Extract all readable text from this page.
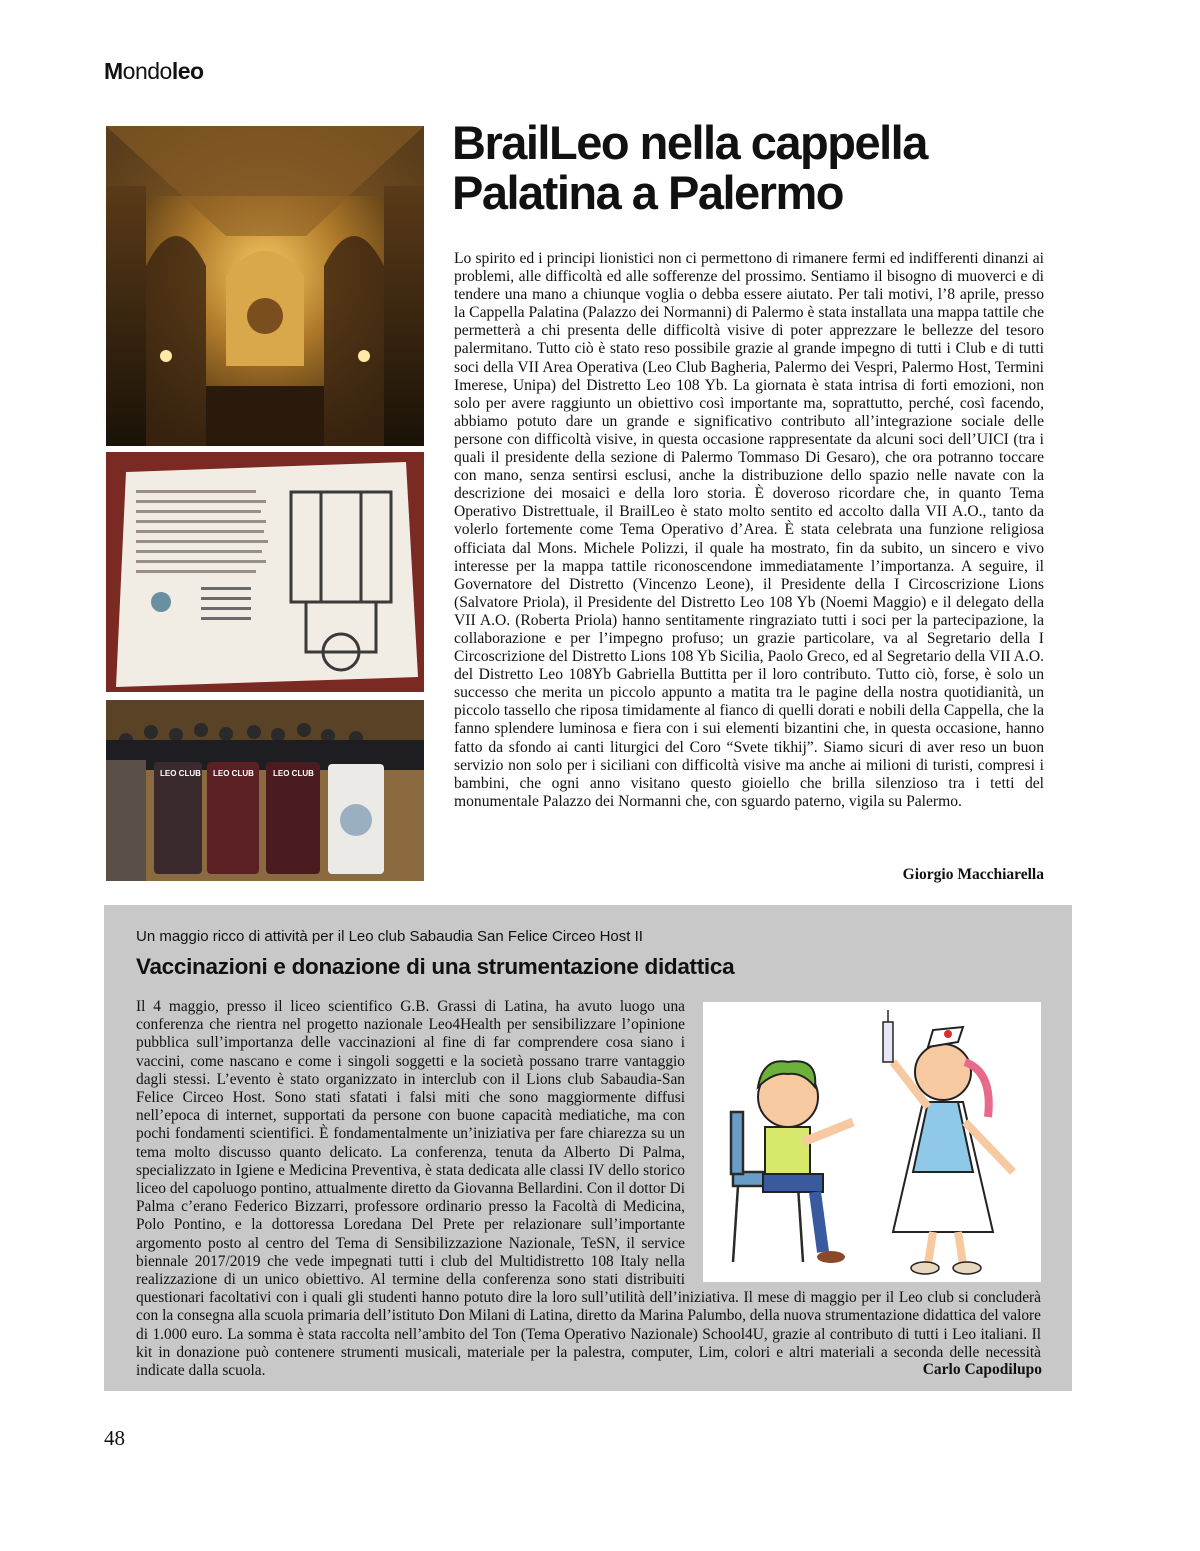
Mondoleo
LEO CLUB LEO CLUB LEO CLUB
BrailLeo nella cappella Palatina a Palermo

Lo spirito ed i principi lionistici non ci permettono di rimanere fermi ed indifferenti dinanzi ai problemi, alle difficoltà ed alle sofferenze del prossimo. Sentiamo il bisogno di muoverci e di tendere una mano a chiunque voglia o debba essere aiutato. Per tali motivi, l’8 aprile, presso la Cappella Palatina (Palazzo dei Normanni) di Palermo è stata installata una mappa tattile che permetterà a chi presenta delle difficoltà visive di poter apprezzare le bellezze del tesoro palermitano. Tutto ciò è stato reso possibile grazie al grande impegno di tutti i Club e di tutti soci della VII Area Operativa (Leo Club Bagheria, Palermo dei Vespri, Palermo Host, Termini Imerese, Unipa) del Distretto Leo 108 Yb. La giornata è stata intrisa di forti emozioni, non solo per avere raggiunto un obiettivo così importante ma, soprattutto, perché, così facendo, abbiamo potuto dare un grande e significativo contributo all’integrazione sociale delle persone con difficoltà visive, in questa occasione rappresentate da alcuni soci dell’UICI (tra i quali il presidente della sezione di Palermo Tommaso Di Gesaro), che ora potranno toccare con mano, senza sentirsi esclusi, anche la distribuzione dello spazio nelle navate con la descrizione dei mosaici e della loro storia. È doveroso ricordare che, in quanto Tema Operativo Distrettuale, il BrailLeo è stato molto sentito ed accolto dalla VII A.O., tanto da volerlo fortemente come Tema Operativo d’Area. È stata celebrata una funzione religiosa officiata dal Mons. Michele Polizzi, il quale ha mostrato, fin da subito, un sincero e vivo interesse per la mappa tattile riconoscendone immediatamente l’importanza. A seguire, il Governatore del Distretto (Vincenzo Leone), il Presidente della I Circoscrizione Lions (Salvatore Priola), il Presidente del Distretto Leo 108 Yb (Noemi Maggio) e il delegato della VII A.O. (Roberta Priola) hanno sentitamente ringraziato tutti i soci per la partecipazione, la collaborazione e per l’impegno profuso; un grazie particolare, va al Segretario della I Circoscrizione del Distretto Lions 108 Yb Sicilia, Paolo Greco, ed al Segretario della VII A.O. del Distretto Leo 108Yb Gabriella Buttitta per il loro contributo. Tutto ciò, forse, è solo un successo che merita un piccolo appunto a matita tra le pagine della nostra quotidianità, un piccolo tassello che riposa timidamente al fianco di quelli dorati e nobili della Cappella, che la fanno splendere luminosa e fiera con i sui elementi bizantini che, in questa occasione, hanno fatto da sfondo ai canti liturgici del Coro “Svete tikhij”. Siamo sicuri di aver reso un buon servizio non solo per i siciliani con difficoltà visive ma anche ai milioni di turisti, compresi i bambini, che ogni anno visitano questo gioiello che brilla silenzioso tra i tetti del monumentale Palazzo dei Normanni che, con sguardo paterno, vigila su Palermo.

Giorgio Macchiarella

Un maggio ricco di attività per il Leo club Sabaudia San Felice Circeo Host II

Vaccinazioni e donazione di una strumentazione didattica
Il 4 maggio, presso il liceo scientifico G.B. Grassi di Latina, ha avuto luogo una conferenza che rientra nel progetto nazionale Leo4Health per sensibilizzare l’opinione pubblica sull’importanza delle vaccinazioni al fine di far comprendere cosa siano i vaccini, come nascano e come i singoli soggetti e la società possano trarre vantaggio dagli stessi. L’evento è stato organizzato in interclub con il Lions club Sabaudia-San Felice Circeo Host. Sono stati sfatati i falsi miti che sono maggiormente diffusi nell’epoca di internet, supportati da persone con buone capacità mediatiche, ma con pochi fondamenti scientifici. È fondamentalmente un’iniziativa per fare chiarezza su un tema molto discusso quanto delicato. La conferenza, tenuta da Alberto Di Palma, specializzato in Igiene e Medicina Preventiva, è stata dedicata alle classi IV dello storico liceo del capoluogo pontino, attualmente diretto da Giovanna Bellardini. Con il dottor Di Palma c’erano Federico Bizzarri, professore ordinario presso la Facoltà di Medicina, Polo Pontino, e la dottoressa Loredana Del Prete per relazionare sull’importante argomento posto al centro del Tema di Sensibilizzazione Nazionale, TeSN, il service biennale 2017/2019 che vede impegnati tutti i club del Multidistretto 108 Italy nella realizzazione di un unico obiettivo. Al termine della conferenza sono stati distribuiti questionari facoltativi con i quali gli studenti hanno potuto dire la loro sull’utilità dell’iniziativa. Il mese di maggio per il Leo club si concluderà con la consegna alla scuola primaria dell’istituto Don Milani di Latina, diretto da Marina Palumbo, della nuova strumentazione didattica del valore di 1.000 euro. La somma è stata raccolta nell’ambito del Ton (Tema Operativo Nazionale) School4U, grazie al contributo di tutti i Leo italiani. Il kit in donazione può contenere strumenti musicali, materiale per la palestra, computer, Lim, colori e altri materiali a seconda delle necessità indicate dalla scuola.	Carlo Capodilupo
48
